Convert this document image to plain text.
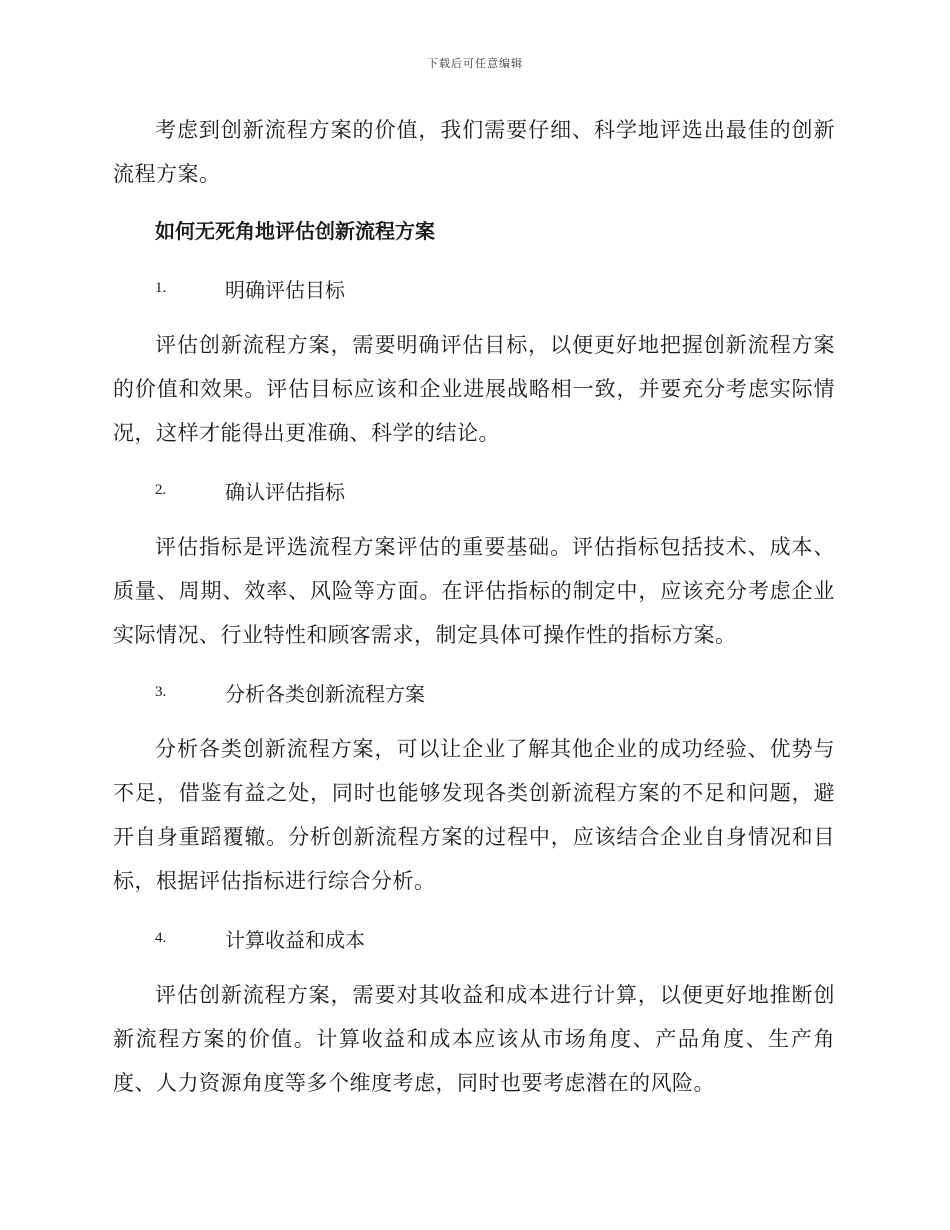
下载后可任意编辑

考虑到创新流程方案的价值，我们需要仔细、科学地评选出最佳的创新流程方案。

如何无死角地评估创新流程方案
1.	明确评估目标

评估创新流程方案，需要明确评估目标，以便更好地把握创新流程方案的价值和效果。评估目标应该和企业进展战略相一致，并要充分考虑实际情况，这样才能得出更准确、科学的结论。

2.	确认评估指标

评估指标是评选流程方案评估的重要基础。评估指标包括技术、成本、质量、周期、效率、风险等方面。在评估指标的制定中，应该充分考虑企业实际情况、行业特性和顾客需求，制定具体可操作性的指标方案。

3.	分析各类创新流程方案

分析各类创新流程方案，可以让企业了解其他企业的成功经验、优势与不足，借鉴有益之处，同时也能够发现各类创新流程方案的不足和问题，避开自身重蹈覆辙。分析创新流程方案的过程中，应该结合企业自身情况和目标，根据评估指标进行综合分析。

4.	计算收益和成本

评估创新流程方案，需要对其收益和成本进行计算，以便更好地推断创新流程方案的价值。计算收益和成本应该从市场角度、产品角度、生产角度、人力资源角度等多个维度考虑，同时也要考虑潜在的风险。
